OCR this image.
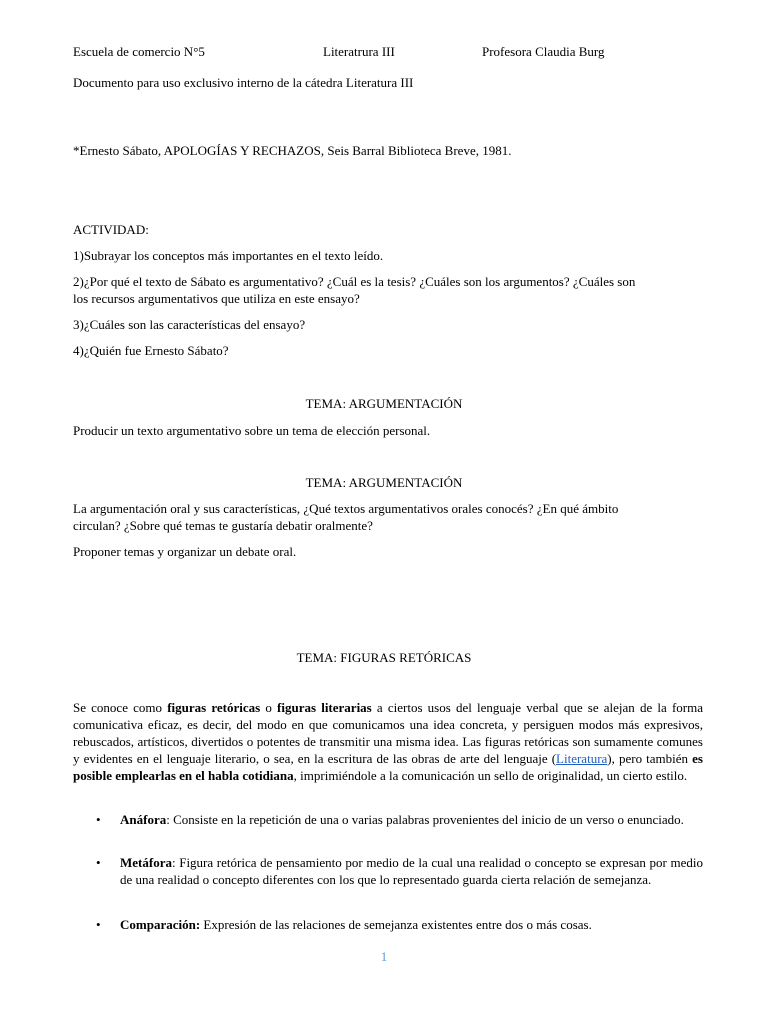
Escuela de comercio N°5	Literatrura III	Profesora Claudia Burg
Documento para uso exclusivo interno de la cátedra Literatura III
*Ernesto Sábato, APOLOGÍAS Y RECHAZOS, Seis Barral Biblioteca Breve, 1981.
ACTIVIDAD:
1)Subrayar los conceptos más importantes en el texto leído.
2)¿Por qué el texto de Sábato es argumentativo? ¿Cuál es la tesis? ¿Cuáles son los argumentos? ¿Cuáles son
los recursos argumentativos que utiliza en este ensayo?
3)¿Cuáles son las características del ensayo?
4)¿Quién fue Ernesto Sábato?
TEMA: ARGUMENTACIÓN
Producir un texto argumentativo sobre un tema de elección personal.
TEMA: ARGUMENTACIÓN
La argumentación oral y sus características, ¿Qué textos argumentativos orales conocés? ¿En qué ámbito
circulan? ¿Sobre qué temas te gustaría debatir oralmente?
Proponer temas y organizar un debate oral.
TEMA: FIGURAS RETÓRICAS
Se conoce como figuras retóricas o figuras literarias a ciertos usos del lenguaje verbal que se alejan de la forma comunicativa eficaz, es decir, del modo en que comunicamos una idea concreta, y persiguen modos más expresivos, rebuscados, artísticos, divertidos o potentes de transmitir una misma idea. Las figuras retóricas son sumamente comunes y evidentes en el lenguaje literario, o sea, en la escritura de las obras de arte del lenguaje (Literatura), pero también es posible emplearlas en el habla cotidiana, imprimiéndole a la comunicación un sello de originalidad, un cierto estilo.
• Anáfora: Consiste en la repetición de una o varias palabras provenientes del inicio de un verso o enunciado.
• Metáfora: Figura retórica de pensamiento por medio de la cual una realidad o concepto se expresan por medio de una realidad o concepto diferentes con los que lo representado guarda cierta relación de semejanza.
• Comparación: Expresión de las relaciones de semejanza existentes entre dos o más cosas.
1
